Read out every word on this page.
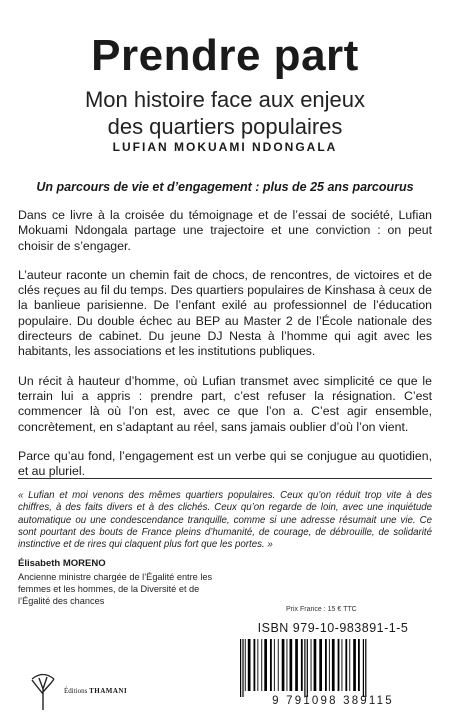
Prendre part
Mon histoire face aux enjeux
des quartiers populaires
LUFIAN MOKUAMI NDONGALA
Un parcours de vie et d’engagement : plus de 25 ans parcourus

Dans ce livre à la croisée du témoignage et de l’essai de société, Lufian Mokuami Ndongala partage une trajectoire et une conviction : on peut choisir de s’engager.

L’auteur raconte un chemin fait de chocs, de rencontres, de victoires et de clés reçues au fil du temps. Des quartiers populaires de Kinshasa à ceux de la banlieue parisienne. De l’enfant exilé au professionnel de l’éducation populaire. Du double échec au BEP au Master 2 de l’École nationale des directeurs de cabinet. Du jeune DJ Nesta à l’homme qui agit avec les habitants, les associations et les institutions publiques.

Un récit à hauteur d’homme, où Lufian transmet avec simplicité ce que le terrain lui a appris : prendre part, c’est refuser la résignation. C’est commencer là où l’on est, avec ce que l’on a. C’est agir ensemble, concrètement, en s’adaptant au réel, sans jamais oublier d’où l’on vient.

Parce qu’au fond, l’engagement est un verbe qui se conjugue au quotidien, et au pluriel.

« Lufian et moi venons des mêmes quartiers populaires. Ceux qu’on réduit trop vite à des chiffres, à des faits divers et à des clichés. Ceux qu’on regarde de loin, avec une inquiétude automatique ou une condescendance tranquille, comme si une adresse résumait une vie. Ce sont pourtant des bouts de France pleins d’humanité, de courage, de débrouille, de solidarité instinctive et de rires qui claquent plus fort que les portes. »
Élisabeth MORENO
Ancienne ministre chargée de l’Égalité entre les femmes et les hommes, de la Diversité et de l’Égalité des chances
Prix France : 15 € TTC
ISBN 979-10-983891-1-5
9 791098 389115
Éditions THAMANI
